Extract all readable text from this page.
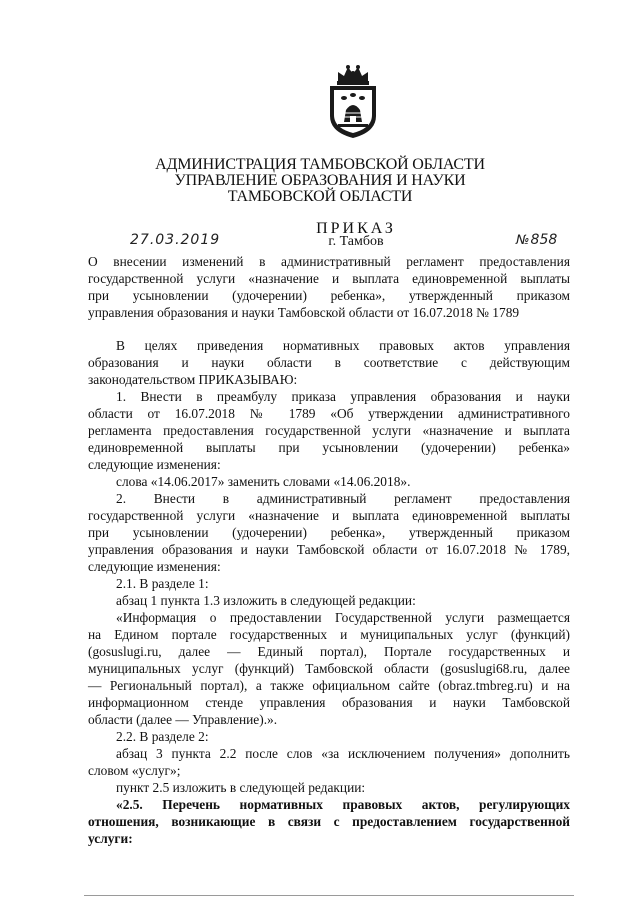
АДМИНИСТРАЦИЯ ТАМБОВСКОЙ ОБЛАСТИ
УПРАВЛЕНИЕ ОБРАЗОВАНИЯ И НАУКИ
ТАМБОВСКОЙ ОБЛАСТИ
ПРИКАЗ
27.03.2019	г. Тамбов	№858
О внесении изменений в административный регламент предоставления
государственной услуги «назначение и выплата единовременной выплаты
при усыновлении (удочерении) ребенка», утвержденный приказом
управления образования и науки Тамбовской области от 16.07.2018 № 1789
В целях приведения нормативных правовых актов управления
образования и науки области в соответствие с действующим
законодательством ПРИКАЗЫВАЮ:
1. Внести в преамбулу приказа управления образования и науки
области от 16.07.2018 № 1789 «Об утверждении административного
регламента предоставления государственной услуги «назначение и выплата
единовременной выплаты при усыновлении (удочерении) ребенка»
следующие изменения:
слова «14.06.2017» заменить словами «14.06.2018».
2. Внести в административный регламент предоставления
государственной услуги «назначение и выплата единовременной выплаты
при усыновлении (удочерении) ребенка», утвержденный приказом
управления образования и науки Тамбовской области от 16.07.2018 № 1789,
следующие изменения:
2.1. В разделе 1:
абзац 1 пункта 1.3 изложить в следующей редакции:
«Информация о предоставлении Государственной услуги размещается
на Едином портале государственных и муниципальных услуг (функций)
(gosuslugi.ru, далее — Единый портал), Портале государственных и
муниципальных услуг (функций) Тамбовской области (gosuslugi68.ru, далее
— Региональный портал), а также официальном сайте (obraz.tmbreg.ru) и на
информационном стенде управления образования и науки Тамбовской
области (далее — Управление).».
2.2. В разделе 2:
абзац 3 пункта 2.2 после слов «за исключением получения» дополнить
словом «услуг»;
пункт 2.5 изложить в следующей редакции:
«2.5. Перечень нормативных правовых актов, регулирующих
отношения, возникающие в связи с предоставлением государственной
услуги:
